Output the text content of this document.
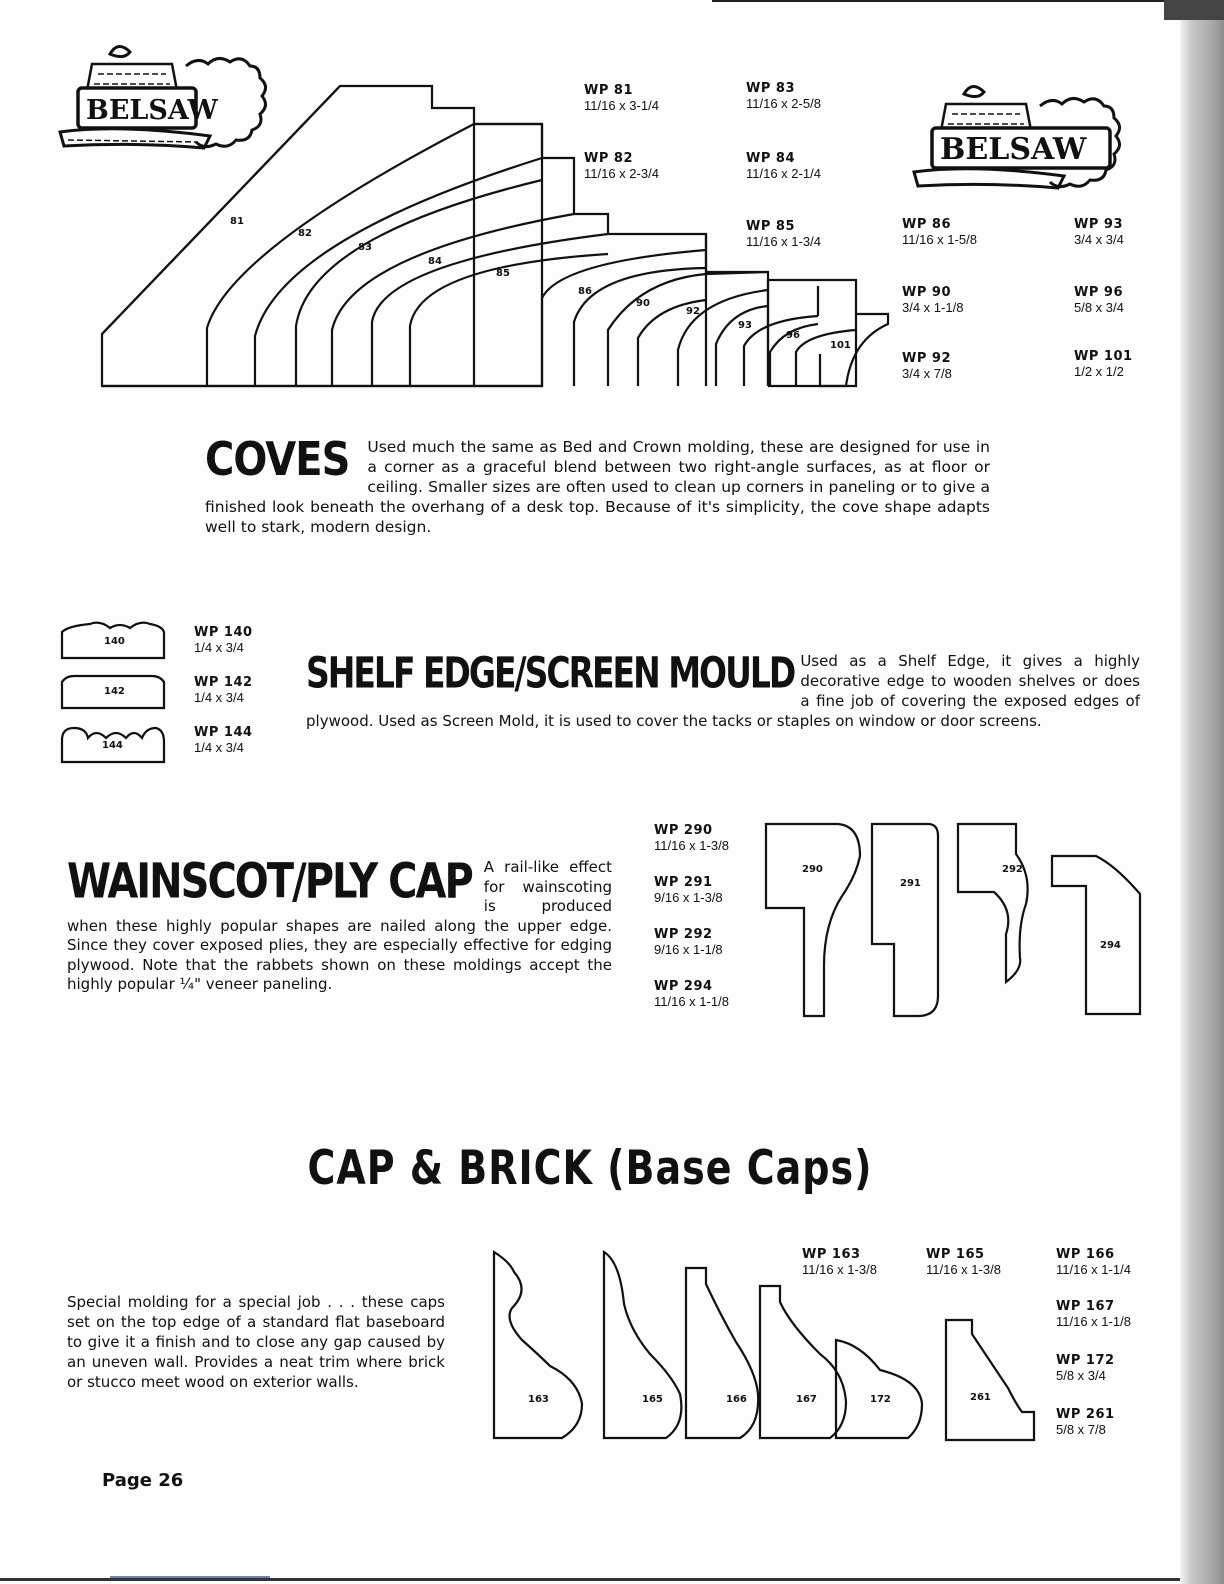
BELSAW
BELSAW
81
82
83
84
85
86
90
92
93
96
101
WP 81
11/16 x 3-1/4
WP 82
11/16 x 2-3/4
WP 83
11/16 x 2-5/8
WP 84
11/16 x 2-1/4
WP 85
11/16 x 1-3/4
WP 86
11/16 x 1-5/8
WP 93
3/4 x 3/4
WP 90
3/4 x 1-1/8
WP 96
5/8 x 3/4
WP 92
3/4 x 7/8
WP 101
1/2 x 1/2
COVES Used much the same as Bed and Crown molding, these are designed for use in a corner as a graceful blend between two right-angle surfaces, as at floor or ceiling. Smaller sizes are often used to clean up corners in paneling or to give a finished look beneath the overhang of a desk top. Because of it's simplicity, the cove shape adapts well to stark, modern design.
140
142
144
WP 140
1/4 x 3/4
WP 142
1/4 x 3/4
WP 144
1/4 x 3/4
SHELF EDGE/SCREEN MOULD Used as a Shelf Edge, it gives a highly decorative edge to wooden shelves or does a fine job of covering the exposed edges of plywood. Used as Screen Mold, it is used to cover the tacks or staples on window or door screens.
WAINSCOT/PLY CAP A rail-like effect for wainscoting is produced when these highly popular shapes are nailed along the upper edge. Since they cover exposed plies, they are especially effective for edging plywood. Note that the rabbets shown on these moldings accept the highly popular ¼" veneer paneling.
WP 290
11/16 x 1-3/8
WP 291
9/16 x 1-3/8
WP 292
9/16 x 1-1/8
WP 294
11/16 x 1-1/8
290
291
292
294
CAP & BRICK (Base Caps)
Special molding for a special job . . . these caps set on the top edge of a standard flat baseboard to give it a finish and to close any gap caused by an uneven wall. Provides a neat trim where brick or stucco meet wood on exterior walls.
163	165	166	167	172	261
WP 163
11/16 x 1-3/8
WP 165
11/16 x 1-3/8
WP 166
11/16 x 1-1/4
WP 167
11/16 x 1-1/8
WP 172
5/8 x 3/4
WP 261
5/8 x 7/8
Page 26
